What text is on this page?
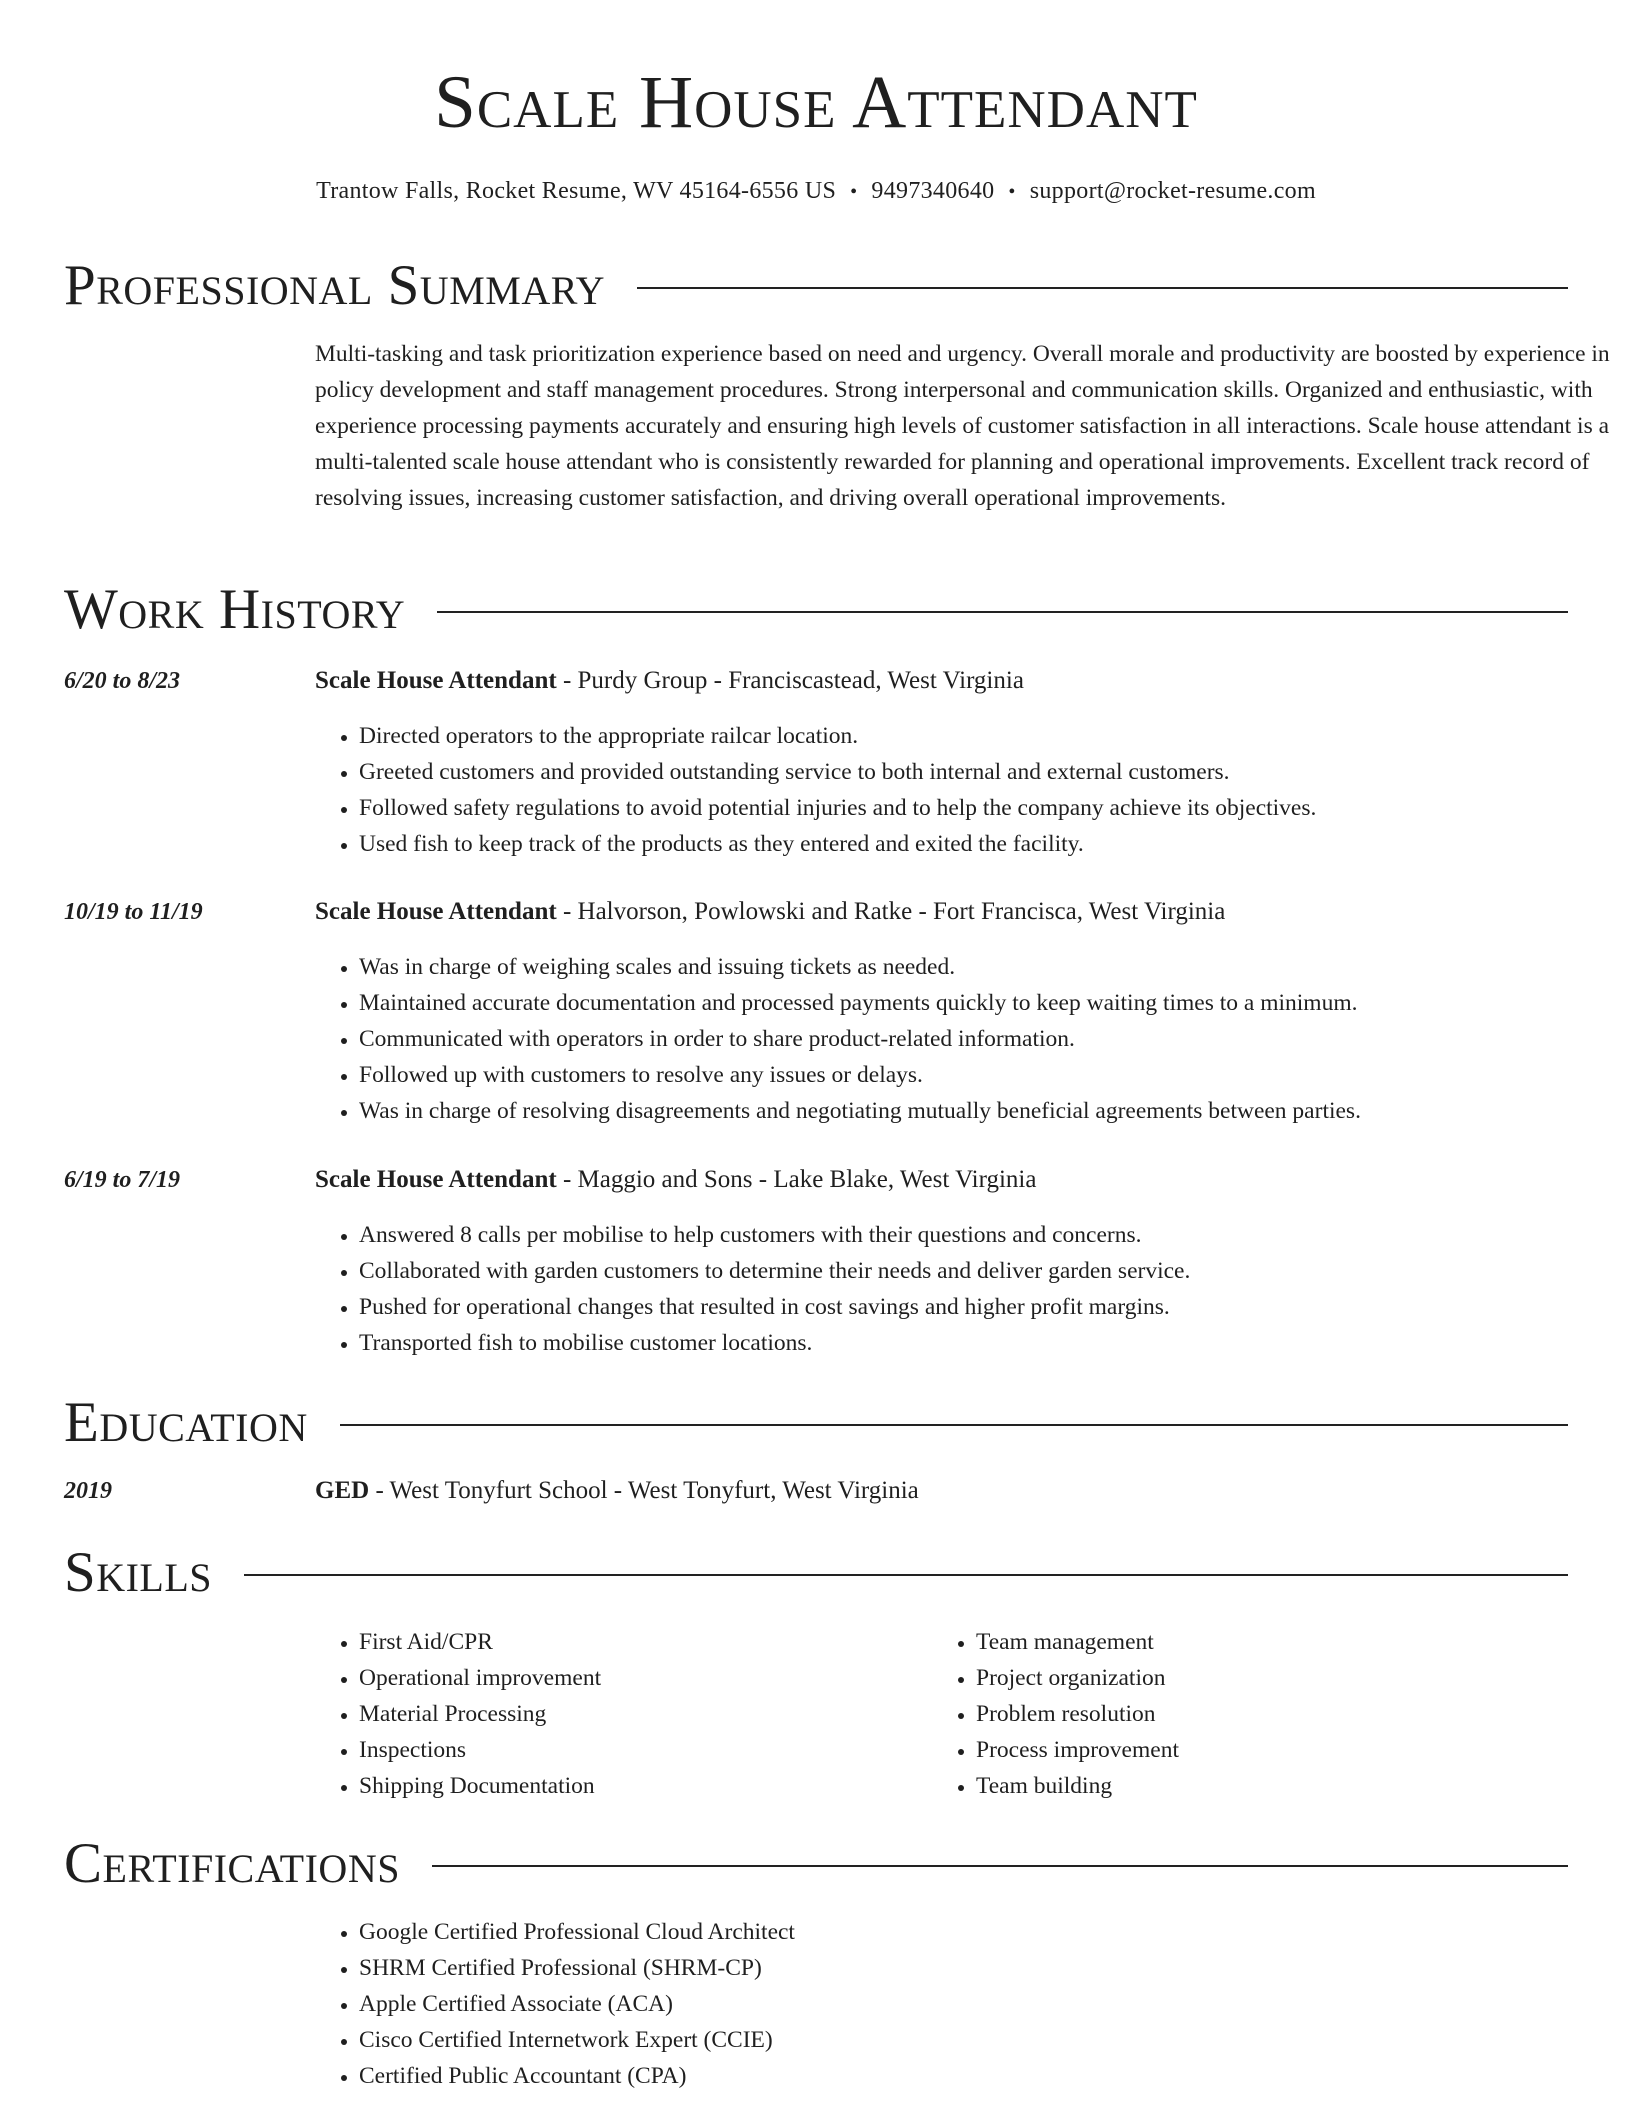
Scale House Attendant
Trantow Falls, Rocket Resume, WV 45164-6556 US • 9497340640 • support@rocket-resume.com
Professional Summary

Multi-tasking and task prioritization experience based on need and urgency. Overall morale and productivity are boosted by experience in policy development and staff management procedures. Strong interpersonal and communication skills. Organized and enthusiastic, with experience processing payments accurately and ensuring high levels of customer satisfaction in all interactions. Scale house attendant is a multi-talented scale house attendant who is consistently rewarded for planning and operational improvements. Excellent track record of resolving issues, increasing customer satisfaction, and driving overall operational improvements.

Work History
6/20 to 8/23	Scale House Attendant - Purdy Group - Franciscastead, West Virginia
• Directed operators to the appropriate railcar location.
• Greeted customers and provided outstanding service to both internal and external customers.
• Followed safety regulations to avoid potential injuries and to help the company achieve its objectives.
• Used fish to keep track of the products as they entered and exited the facility.
10/19 to 11/19	Scale House Attendant - Halvorson, Powlowski and Ratke - Fort Francisca, West Virginia
• Was in charge of weighing scales and issuing tickets as needed.
• Maintained accurate documentation and processed payments quickly to keep waiting times to a minimum.
• Communicated with operators in order to share product-related information.
• Followed up with customers to resolve any issues or delays.
• Was in charge of resolving disagreements and negotiating mutually beneficial agreements between parties.
6/19 to 7/19	Scale House Attendant - Maggio and Sons - Lake Blake, West Virginia
• Answered 8 calls per mobilise to help customers with their questions and concerns.
• Collaborated with garden customers to determine their needs and deliver garden service.
• Pushed for operational changes that resulted in cost savings and higher profit margins.
• Transported fish to mobilise customer locations.
Education
2019	GED - West Tonyfurt School - West Tonyfurt, West Virginia
Skills
• First Aid/CPR
• Operational improvement
• Material Processing
• Inspections
• Shipping Documentation
• Team management
• Project organization
• Problem resolution
• Process improvement
• Team building
Certifications
• Google Certified Professional Cloud Architect
• SHRM Certified Professional (SHRM-CP)
• Apple Certified Associate (ACA)
• Cisco Certified Internetwork Expert (CCIE)
• Certified Public Accountant (CPA)
